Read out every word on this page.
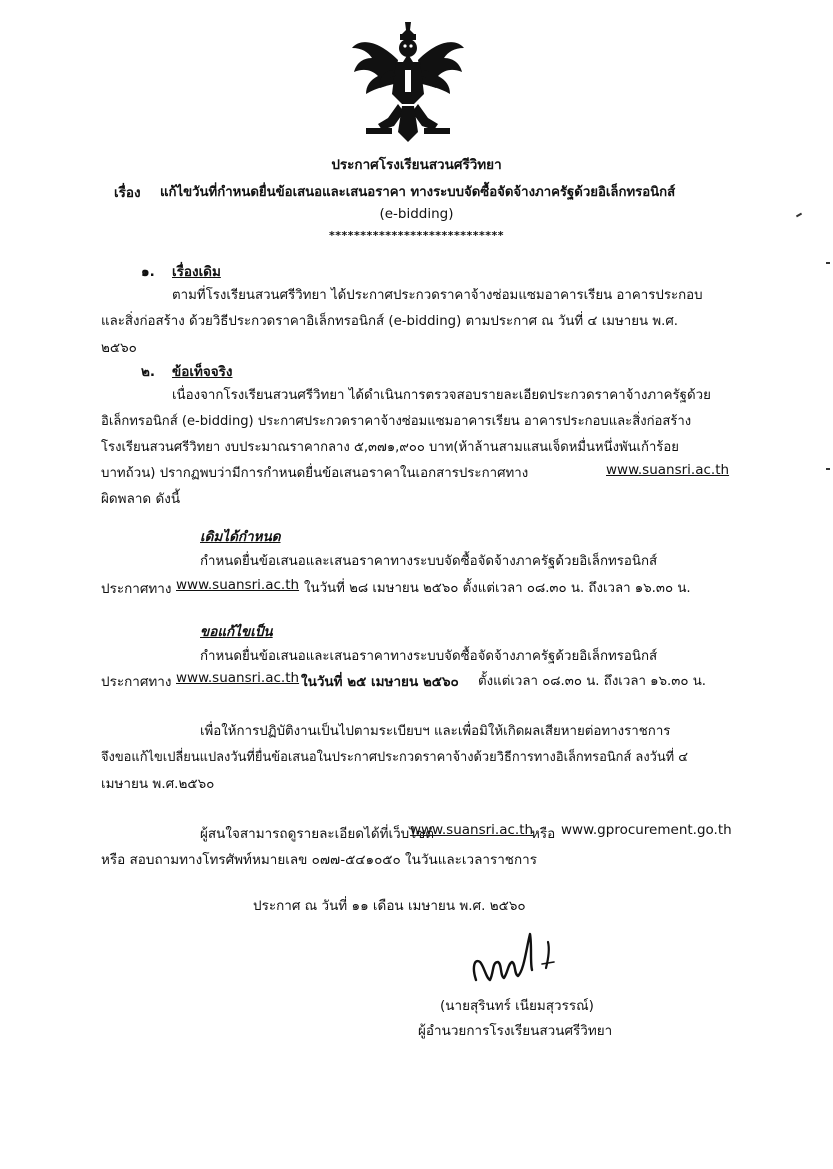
ประกาศโรงเรียนสวนศรีวิทยา
เรื่อง แก้ไขวันที่กำหนดยื่นข้อเสนอและเสนอราคา ทางระบบจัดซื้อจัดจ้างภาครัฐด้วยอิเล็กทรอนิกส์
(e-bidding)
****************************
๑. เรื่องเดิม
ตามที่โรงเรียนสวนศรีวิทยา ได้ประกาศประกวดราคาจ้างซ่อมแซมอาคารเรียน อาคารประกอบ
และสิ่งก่อสร้าง ด้วยวิธีประกวดราคาอิเล็กทรอนิกส์ (e-bidding) ตามประกาศ ณ วันที่ ๔ เมษายน พ.ศ.
๒๕๖๐
๒. ข้อเท็จจริง
เนื่องจากโรงเรียนสวนศรีวิทยา ได้ดำเนินการตรวจสอบรายละเอียดประกวดราคาจ้างภาครัฐด้วย
อิเล็กทรอนิกส์ (e-bidding) ประกาศประกวดราคาจ้างซ่อมแซมอาคารเรียน อาคารประกอบและสิ่งก่อสร้าง
โรงเรียนสวนศรีวิทยา งบประมาณราคากลาง ๕,๓๗๑,๙๐๐ บาท(ห้าล้านสามแสนเจ็ดหมื่นหนึ่งพันเก้าร้อย
บาทถ้วน) ปรากฏพบว่ามีการกำหนดยื่นข้อเสนอราคาในเอกสารประกาศทาง	www.suansri.ac.th
ผิดพลาด ดังนี้
เดิมได้กำหนด
กำหนดยื่นข้อเสนอและเสนอราคาทางระบบจัดซื้อจัดจ้างภาครัฐด้วยอิเล็กทรอนิกส์
ประกาศทาง www.suansri.ac.th ในวันที่ ๒๘ เมษายน ๒๕๖๐ ตั้งแต่เวลา ๐๘.๓๐ น. ถึงเวลา ๑๖.๓๐ น.
ขอแก้ไขเป็น
กำหนดยื่นข้อเสนอและเสนอราคาทางระบบจัดซื้อจัดจ้างภาครัฐด้วยอิเล็กทรอนิกส์
ประกาศทาง www.suansri.ac.th ในวันที่ ๒๕ เมษายน ๒๕๖๐ ตั้งแต่เวลา ๐๘.๓๐ น. ถึงเวลา ๑๖.๓๐ น.
เพื่อให้การปฏิบัติงานเป็นไปตามระเบียบฯ และเพื่อมิให้เกิดผลเสียหายต่อทางราชการ
จึงขอแก้ไขเปลี่ยนแปลงวันที่ยื่นข้อเสนอในประกาศประกวดราคาจ้างด้วยวิธีการทางอิเล็กทรอนิกส์ ลงวันที่ ๔
เมษายน พ.ศ.๒๕๖๐
ผู้สนใจสามารถดูรายละเอียดได้ที่เว็บไซต์
www.suansri.ac.th
หรือ www.gprocurement.go.th
หรือ สอบถามทางโทรศัพท์หมายเลข ๐๗๗-๕๔๑๐๕๐ ในวันและเวลาราชการ
ประกาศ ณ วันที่ ๑๑ เดือน เมษายน พ.ศ. ๒๕๖๐
(นายสุรินทร์ เนียมสุวรรณ์)
ผู้อำนวยการโรงเรียนสวนศรีวิทยา
